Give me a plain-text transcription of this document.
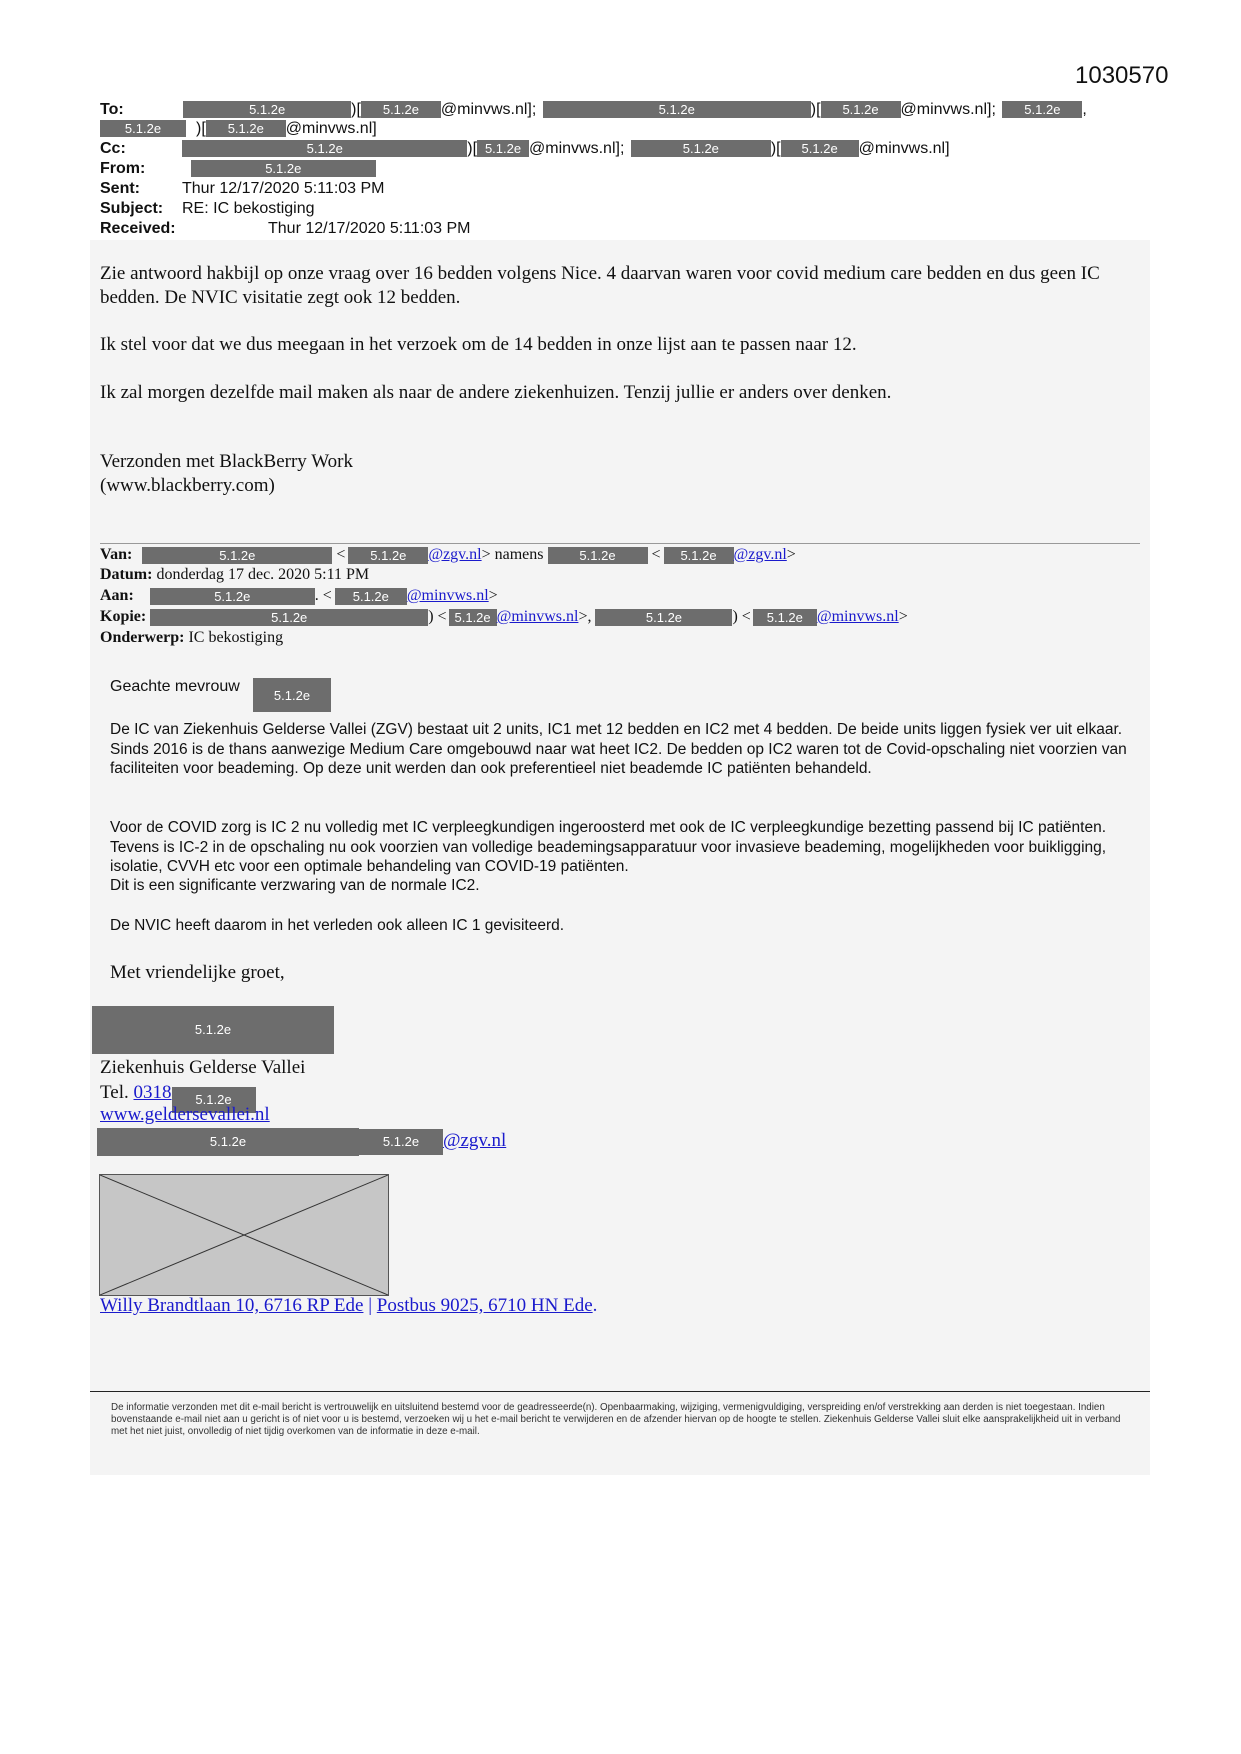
1030570
To:	5.1.2e	)[ 5.1.2e @minvws.nl];	5.1.2e	)[ 5.1.2e @minvws.nl]; 5.1.2e ,
5.1.2e )[ 5.1.2e @minvws.nl]
Cc:	5.1.2e	)[ 5.1.2e @minvws.nl];	5.1.2e	)[ 5.1.2e @minvws.nl]
From:	5.1.2e
Sent:	Thur 12/17/2020 5:11:03 PM
Subject: RE: IC bekostiging
Received:	Thur 12/17/2020 5:11:03 PM
Zie antwoord hakbijl op onze vraag over 16 bedden volgens Nice. 4 daarvan waren voor covid medium care bedden en dus geen IC bedden. De NVIC visitatie zegt ook 12 bedden.
Ik stel voor dat we dus meegaan in het verzoek om de 14 bedden in onze lijst aan te passen naar 12.
Ik zal morgen dezelfde mail maken als naar de andere ziekenhuizen. Tenzij jullie er anders over denken.
Verzonden met BlackBerry Work
(www.blackberry.com)
Van:	5.1.2e	< 5.1.2e @zgv.nl> namens	5.1.2e < 5.1.2e @zgv.nl>
Datum: donderdag 17 dec. 2020 5:11 PM
Aan:	5.1.2e	. < 5.1.2e @minvws.nl>
Kopie:	5.1.2e	) < 5.1.2e @minvws.nl>,	5.1.2e	) < 5.1.2e @minvws.nl>
Onderwerp: IC bekostiging
Geachte mevrouw
5.1.2e
De IC van Ziekenhuis Gelderse Vallei (ZGV) bestaat uit 2 units, IC1 met 12 bedden en IC2 met 4 bedden. De beide units liggen fysiek ver uit elkaar. Sinds 2016 is de thans aanwezige Medium Care omgebouwd naar wat heet IC2. De bedden op IC2 waren tot de Covid-opschaling niet voorzien van faciliteiten voor beademing. Op deze unit werden dan ook preferentieel niet beademde IC patiënten behandeld.
Voor de COVID zorg is IC 2 nu volledig met IC verpleegkundigen ingeroosterd met ook de IC verpleegkundige bezetting passend bij IC patiënten. Tevens is IC-2 in de opschaling nu ook voorzien van volledige beademingsapparatuur voor invasieve beademing, mogelijkheden voor buikligging, isolatie, CVVH etc voor een optimale behandeling van COVID-19 patiënten.
Dit is een significante verzwaring van de normale IC2.
De NVIC heeft daarom in het verleden ook alleen IC 1 gevisiteerd.
Met vriendelijke groet,
5.1.2e
Ziekenhuis Gelderse Vallei
Tel. 0318 5.1.2e
www.geldersevallei.nl
5.1.2e	5.1.2e @zgv.nl
Willy Brandtlaan 10, 6716 RP Ede | Postbus 9025, 6710 HN Ede.
De informatie verzonden met dit e-mail bericht is vertrouwelijk en uitsluitend bestemd voor de geadresseerde(n). Openbaarmaking, wijziging, vermenigvuldiging, verspreiding en/of verstrekking aan derden is niet toegestaan. Indien bovenstaande e-mail niet aan u gericht is of niet voor u is bestemd, verzoeken wij u het e-mail bericht te verwijderen en de afzender hiervan op de hoogte te stellen. Ziekenhuis Gelderse Vallei sluit elke aansprakelijkheid uit in verband met het niet juist, onvolledig of niet tijdig overkomen van de informatie in deze e-mail.
